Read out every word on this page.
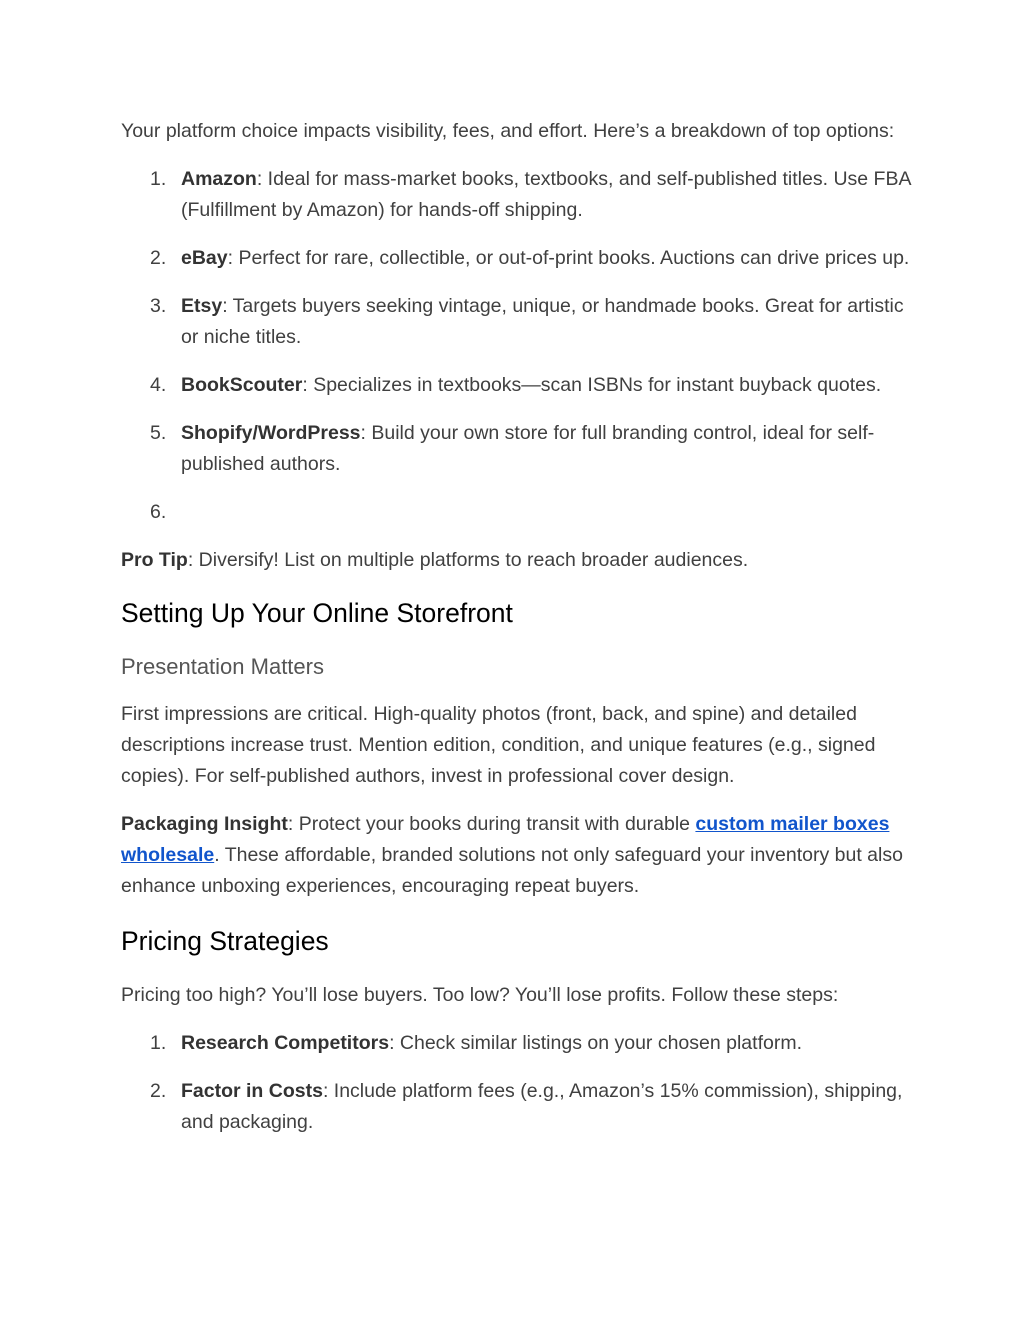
Your platform choice impacts visibility, fees, and effort. Here’s a breakdown of top options:

1. Amazon: Ideal for mass-market books, textbooks, and self-published titles. Use FBA (Fulfillment by Amazon) for hands-off shipping.
2. eBay: Perfect for rare, collectible, or out-of-print books. Auctions can drive prices up.
3. Etsy: Targets buyers seeking vintage, unique, or handmade books. Great for artistic or niche titles.
4. BookScouter: Specializes in textbooks—scan ISBNs for instant buyback quotes.
5. Shopify/WordPress: Build your own store for full branding control, ideal for self-published authors.
6.

Pro Tip: Diversify! List on multiple platforms to reach broader audiences.

Setting Up Your Online Storefront
Presentation Matters

First impressions are critical. High-quality photos (front, back, and spine) and detailed descriptions increase trust. Mention edition, condition, and unique features (e.g., signed copies). For self-published authors, invest in professional cover design.

Packaging Insight: Protect your books during transit with durable custom mailer boxes wholesale. These affordable, branded solutions not only safeguard your inventory but also enhance unboxing experiences, encouraging repeat buyers.

Pricing Strategies

Pricing too high? You’ll lose buyers. Too low? You’ll lose profits. Follow these steps:

1. Research Competitors: Check similar listings on your chosen platform.
2. Factor in Costs: Include platform fees (e.g., Amazon’s 15% commission), shipping, and packaging.
